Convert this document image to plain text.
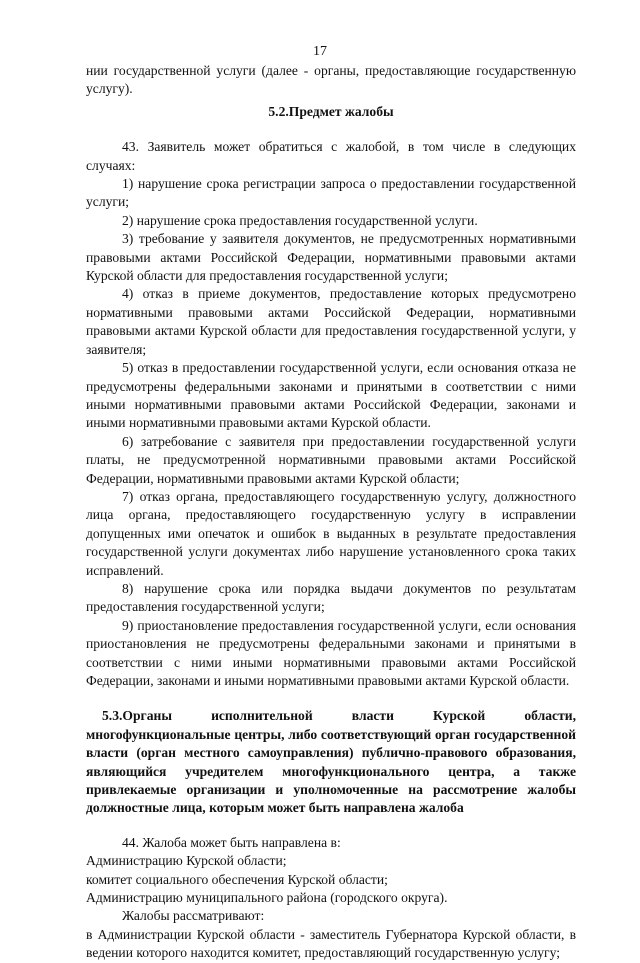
17

нии государственной услуги (далее - органы, предоставляющие государственную услугу).

5.2.Предмет жалобы

43. Заявитель может обратиться с жалобой, в том числе в следующих случаях:

1) нарушение срока регистрации запроса о предоставлении государственной услуги;

2) нарушение срока предоставления государственной услуги.

3) требование у заявителя документов, не предусмотренных нормативными правовыми актами Российской Федерации, нормативными правовыми актами Курской области для предоставления государственной услуги;

4) отказ в приеме документов, предоставление которых предусмотрено нормативными правовыми актами Российской Федерации, нормативными правовыми актами Курской области для предоставления государственной услуги, у заявителя;

5) отказ в предоставлении государственной услуги, если основания отказа не предусмотрены федеральными законами и принятыми в соответствии с ними иными нормативными правовыми актами Российской Федерации, законами и иными нормативными правовыми актами Курской области.

6) затребование с заявителя при предоставлении государственной услуги платы, не предусмотренной нормативными правовыми актами Российской Федерации, нормативными правовыми актами Курской области;

7) отказ органа, предоставляющего государственную услугу, должностного лица органа, предоставляющего государственную услугу в исправлении допущенных ими опечаток и ошибок в выданных в результате предоставления государственной услуги документах либо нарушение установленного срока таких исправлений.

8) нарушение срока или порядка выдачи документов по результатам предоставления государственной услуги;

9) приостановление предоставления государственной услуги, если основания приостановления не предусмотрены федеральными законами и принятыми в соответствии с ними иными нормативными правовыми актами Российской Федерации, законами и иными нормативными правовыми актами Курской области.

5.3.Органы исполнительной власти Курской области, многофункциональные центры, либо соответствующий орган государственной власти (орган местного самоуправления) публично-правового образования, являющийся учредителем многофункционального центра, а также привлекаемые организации и уполномоченные на рассмотрение жалобы должностные лица, которым может быть направлена жалоба

44. Жалоба может быть направлена в:

Администрацию Курской области;

комитет социального обеспечения Курской области;

Администрацию муниципального района (городского округа).

Жалобы рассматривают:

в Администрации Курской области - заместитель Губернатора Курской области, в ведении которого находится комитет, предоставляющий государственную услугу;
